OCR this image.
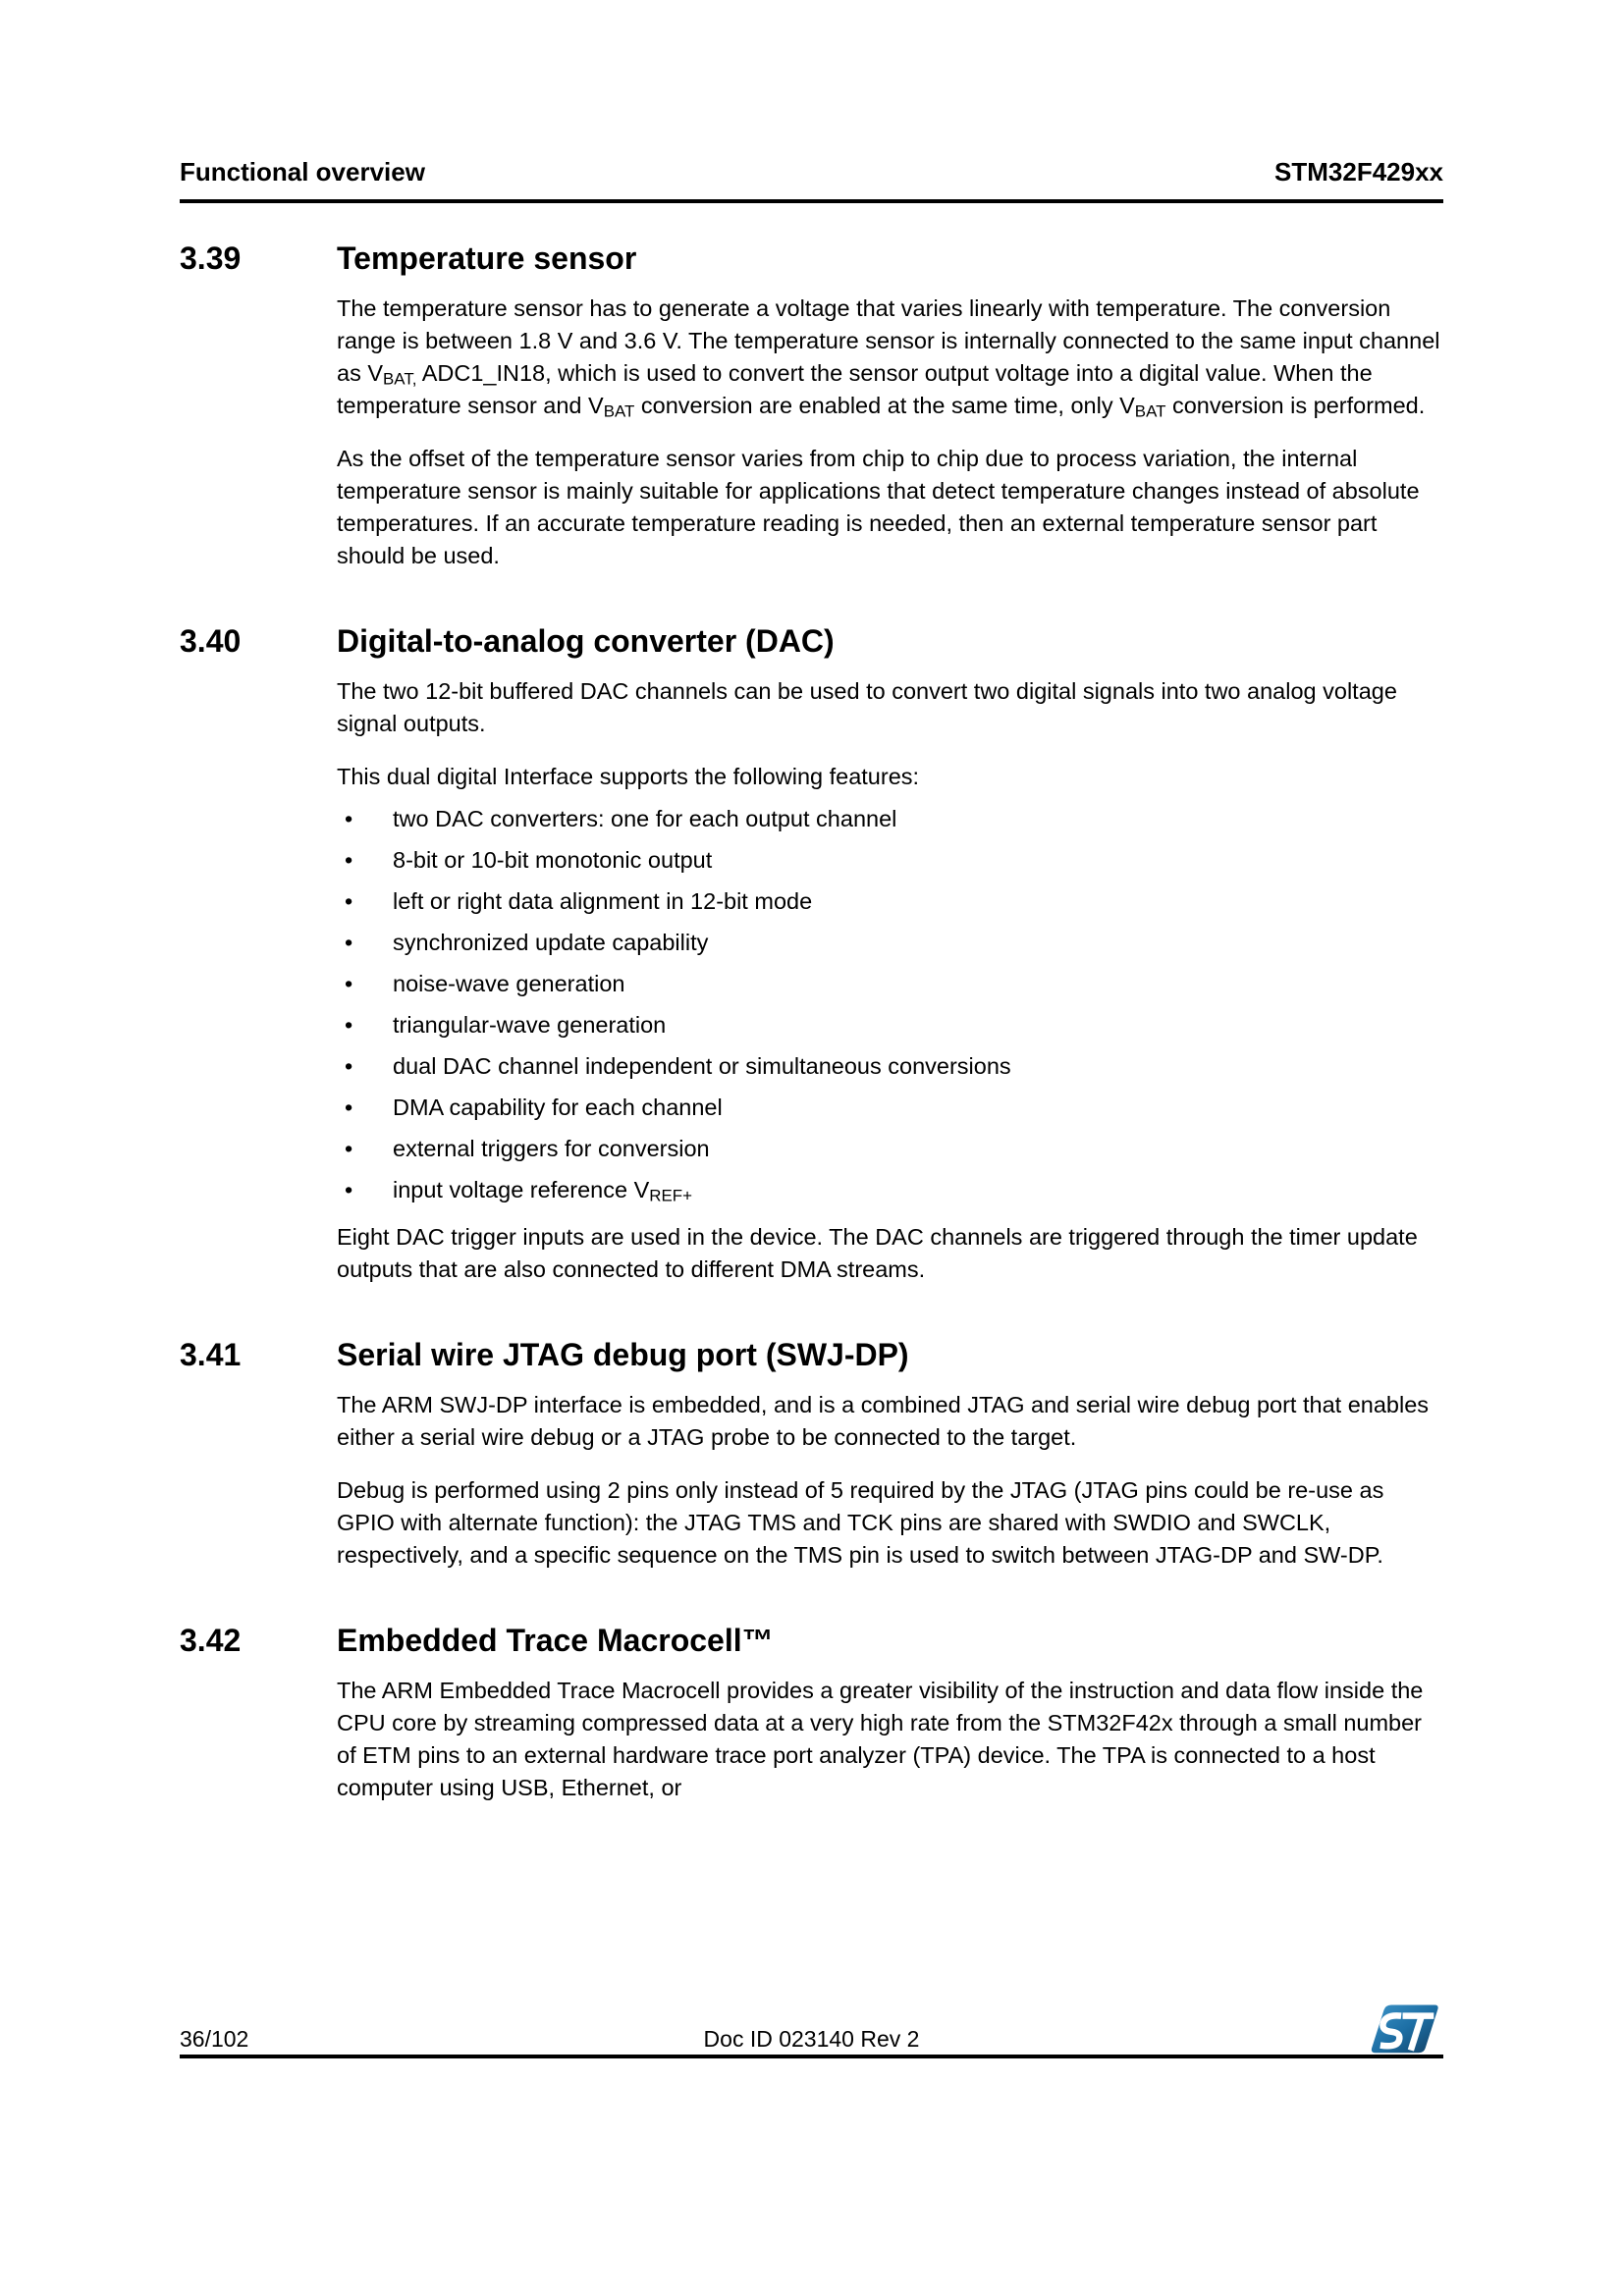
Functional overview	STM32F429xx
3.39	Temperature sensor

The temperature sensor has to generate a voltage that varies linearly with temperature. The conversion range is between 1.8 V and 3.6 V. The temperature sensor is internally connected to the same input channel as $V_{BAT,}$ ADC1_IN18, which is used to convert the sensor output voltage into a digital value. When the temperature sensor and $V_{BAT}$ conversion are enabled at the same time, only $V_{BAT}$ conversion is performed.

As the offset of the temperature sensor varies from chip to chip due to process variation, the internal temperature sensor is mainly suitable for applications that detect temperature changes instead of absolute temperatures. If an accurate temperature reading is needed, then an external temperature sensor part should be used.

3.40	Digital-to-analog converter (DAC)

The two 12-bit buffered DAC channels can be used to convert two digital signals into two analog voltage signal outputs.

This dual digital Interface supports the following features:

• two DAC converters: one for each output channel
• 8-bit or 10-bit monotonic output
• left or right data alignment in 12-bit mode
• synchronized update capability
• noise-wave generation
• triangular-wave generation
• dual DAC channel independent or simultaneous conversions
• DMA capability for each channel
• external triggers for conversion
• input voltage reference $V_{REF+}$

Eight DAC trigger inputs are used in the device. The DAC channels are triggered through the timer update outputs that are also connected to different DMA streams.

3.41	Serial wire JTAG debug port (SWJ-DP)

The ARM SWJ-DP interface is embedded, and is a combined JTAG and serial wire debug port that enables either a serial wire debug or a JTAG probe to be connected to the target.

Debug is performed using 2 pins only instead of 5 required by the JTAG (JTAG pins could be re-use as GPIO with alternate function): the JTAG TMS and TCK pins are shared with SWDIO and SWCLK, respectively, and a specific sequence on the TMS pin is used to switch between JTAG-DP and SW-DP.

3.42	Embedded Trace Macrocell™

The ARM Embedded Trace Macrocell provides a greater visibility of the instruction and data flow inside the CPU core by streaming compressed data at a very high rate from the STM32F42x through a small number of ETM pins to an external hardware trace port analyzer (TPA) device. The TPA is connected to a host computer using USB, Ethernet, or

36/102	Doc ID 023140 Rev 2
